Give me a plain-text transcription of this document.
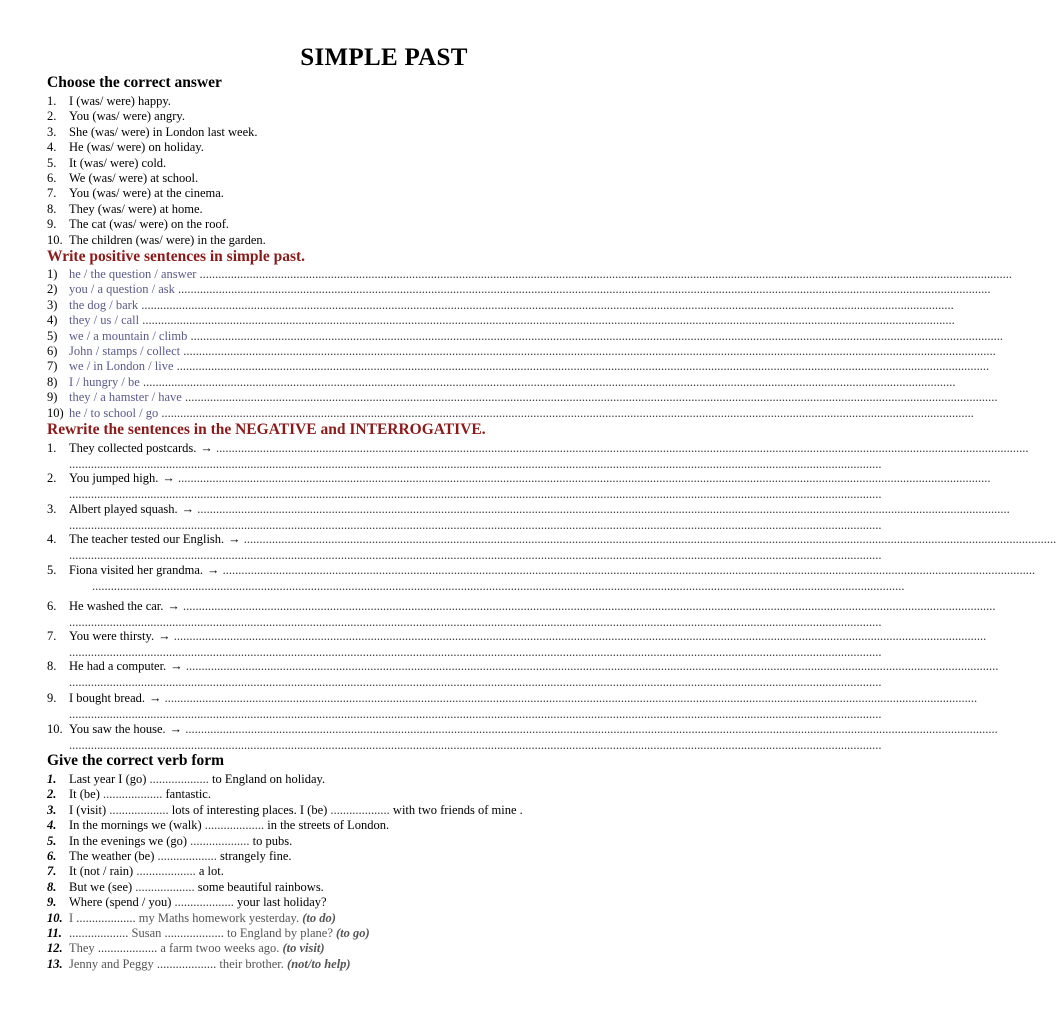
SIMPLE PAST
Choose the correct answer
1. I (was/ were) happy.
2. You (was/ were) angry.
3. She (was/ were) in London last week.
4. He (was/ were) on holiday.
5. It (was/ were) cold.
6. We (was/ were) at school.
7. You (was/ were) at the cinema.
8. They (was/ were) at home.
9. The cat (was/ were) on the roof.
10. The children (was/ were) in the garden.
Write positive sentences in simple past.
1) he / the question / answer ....................................................................................................................................................................................................................................................................
2) you / a question / ask ....................................................................................................................................................................................................................................................................
3) the dog / bark ....................................................................................................................................................................................................................................................................
4) they / us / call ....................................................................................................................................................................................................................................................................
5) we / a mountain / climb ....................................................................................................................................................................................................................................................................
6) John / stamps / collect ....................................................................................................................................................................................................................................................................
7) we / in London / live ....................................................................................................................................................................................................................................................................
8) I / hungry / be ....................................................................................................................................................................................................................................................................
9) they / a hamster / have ....................................................................................................................................................................................................................................................................
10) he / to school / go ....................................................................................................................................................................................................................................................................
Rewrite the sentences in the NEGATIVE and INTERROGATIVE.
1. They collected postcards. → ....................................................................................................................................................................................................................................................................
....................................................................................................................................................................................................................................................................
2. You jumped high. → ....................................................................................................................................................................................................................................................................
....................................................................................................................................................................................................................................................................
3. Albert played squash. → ....................................................................................................................................................................................................................................................................
....................................................................................................................................................................................................................................................................
4. The teacher tested our English. → ....................................................................................................................................................................................................................................................................
....................................................................................................................................................................................................................................................................
5. Fiona visited her grandma. → ....................................................................................................................................................................................................................................................................
....................................................................................................................................................................................................................................................................
6. He washed the car. → ....................................................................................................................................................................................................................................................................
....................................................................................................................................................................................................................................................................
7. You were thirsty. → ....................................................................................................................................................................................................................................................................
....................................................................................................................................................................................................................................................................
8. He had a computer. → ....................................................................................................................................................................................................................................................................
....................................................................................................................................................................................................................................................................
9. I bought bread. → ....................................................................................................................................................................................................................................................................
....................................................................................................................................................................................................................................................................
10. You saw the house. → ....................................................................................................................................................................................................................................................................
....................................................................................................................................................................................................................................................................
Give the correct verb form
1. Last year I (go) ................... to England on holiday.
2. It (be) ................... fantastic.
3. I (visit) ................... lots of interesting places. I (be) ................... with two friends of mine .
4. In the mornings we (walk) ................... in the streets of London.
5. In the evenings we (go) ................... to pubs.
6. The weather (be) ................... strangely fine.
7. It (not / rain) ................... a lot.
8. But we (see) ................... some beautiful rainbows.
9. Where (spend / you) ................... your last holiday?
10. I ................... my Maths homework yesterday. (to do)
11. ................... Susan ................... to England by plane? (to go)
12. They ................... a farm twoo weeks ago. (to visit)
13. Jenny and Peggy ................... their brother. (not/to help)
